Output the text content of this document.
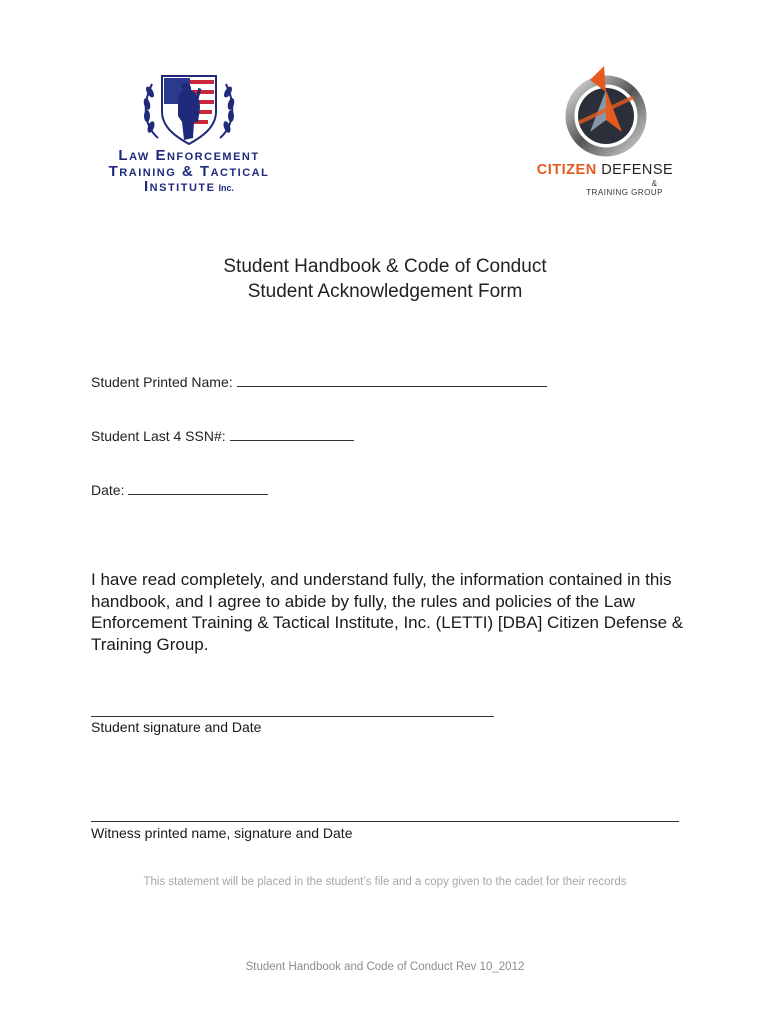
Law Enforcement
Training & Tactical
Institute Inc.
CITIZEN DEFENSE
&
TRAINING GROUP
Student Handbook & Code of Conduct
Student Acknowledgement Form
Student Printed Name:
Student Last 4 SSN#:
Date:
I have read completely, and understand fully, the information contained in this handbook, and I agree to abide by fully, the rules and policies of the Law Enforcement Training & Tactical Institute, Inc. (LETTI) [DBA] Citizen Defense & Training Group.
Student signature and Date
Witness printed name, signature and Date
This statement will be placed in the student’s file and a copy given to the cadet for their records
Student Handbook and Code of Conduct Rev 10_2012
